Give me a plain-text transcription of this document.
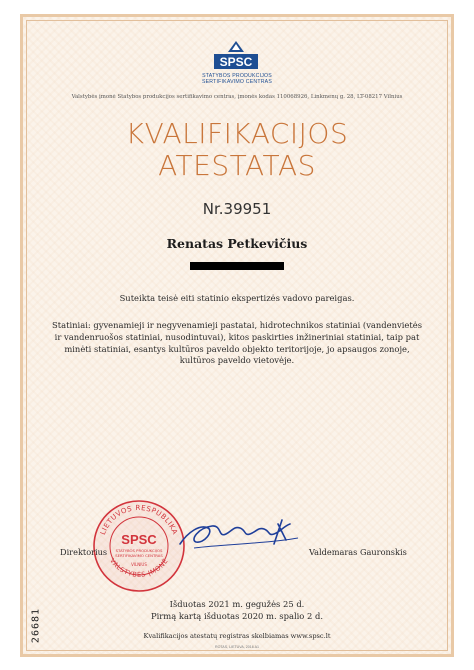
SPSC
STATYBOS PRODUKCIJOS
SERTIFIKAVIMO CENTRAS
Valstybės įmonė Statybos produkcijos sertifikavimo centras, įmonės kodas 110068926, Linkmenų g. 28, LT-08217 Vilnius
KVALIFIKACIJOS
ATESTATAS
Nr.39951
Renatas Petkevičius
Suteikta teisė eiti statinio ekspertizės vadovo pareigas.
Statiniai: gyvenamieji ir negyvenamieji pastatai, hidrotechnikos statiniai (vandenvietės
ir vandenruošos statiniai, nusodintuvai), kitos paskirties inžineriniai statiniai, taip pat
minėti statiniai, esantys kultūros paveldo objekto teritorijoje, jo apsaugos zonoje,
kultūros paveldo vietovėje.
LIETUVOS RESPUBLIKA
VALSTYBĖS ĮMONĖ
SPSC
STATYBOS PRODUKCIJOS
SERTIFIKAVIMO CENTRAS
VILNIUS
Direktorius	Valdemaras Gauronskis
26681
Išduotas 2021 m. gegužės 25 d.
Pirmą kartą išduotas 2020 m. spalio 2 d.
Kvalifikacijos atestatų registras skelbiamas www.spsc.lt
ROTAS, LIETUVA, 2016 A1
